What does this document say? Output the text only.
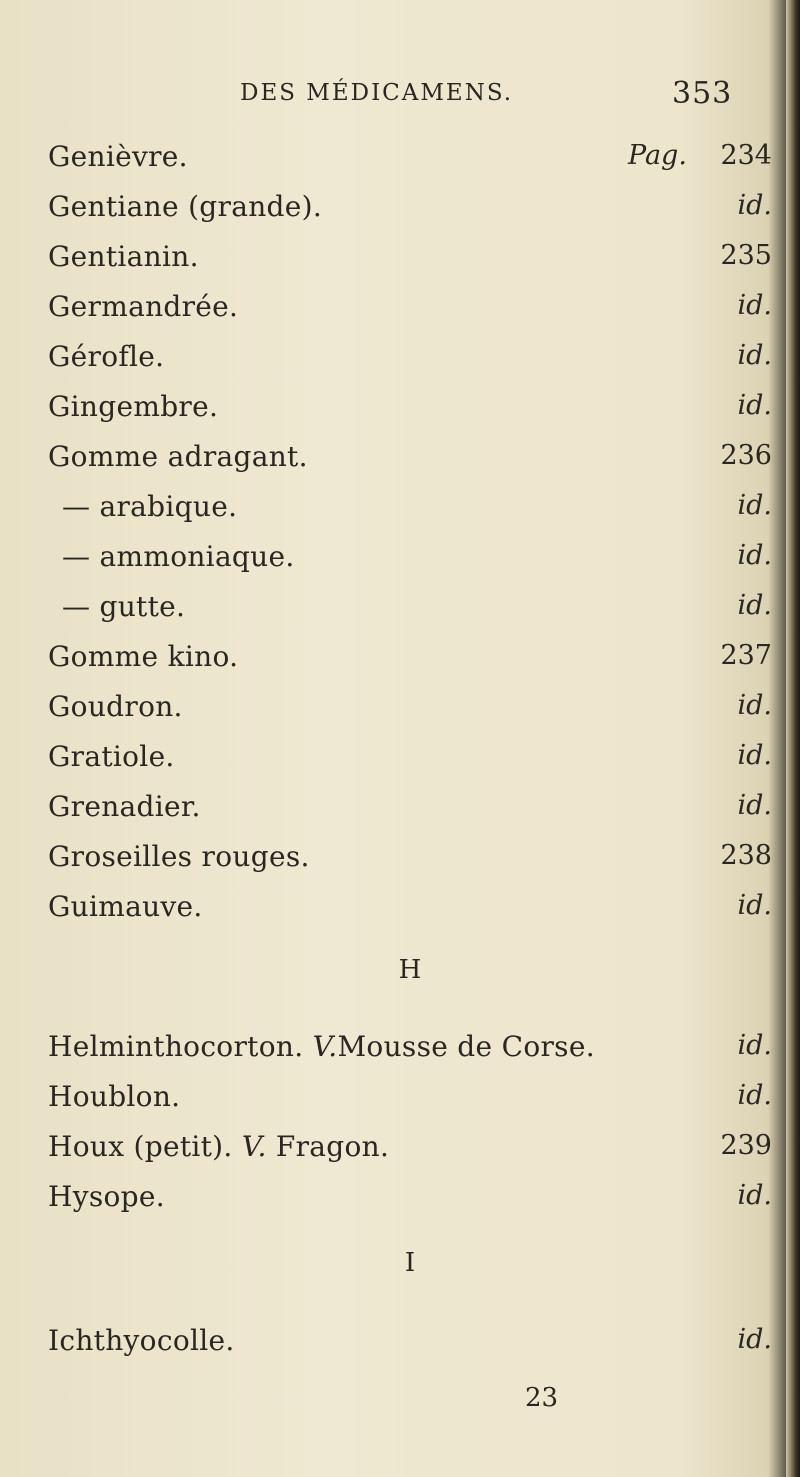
DES MÉDICAMENS.	353
Genièvre.	Pag. 234
Gentiane (grande).	id.
Gentianin.	235
Germandrée.	id.
Gérofle.	id.
Gingembre.	id.
Gomme adragant.	236
— arabique.	id.
— ammoniaque.	id.
— gutte.	id.
Gomme kino.	237
Goudron.	id.
Gratiole.	id.
Grenadier.	id.
Groseilles rouges.	238
Guimauve.	id.
H
Helminthocorton. V.Mousse de Corse.	id.
Houblon.	id.
Houx (petit). V. Fragon.	239
Hysope.	id.
I
Ichthyocolle.	id.
23
